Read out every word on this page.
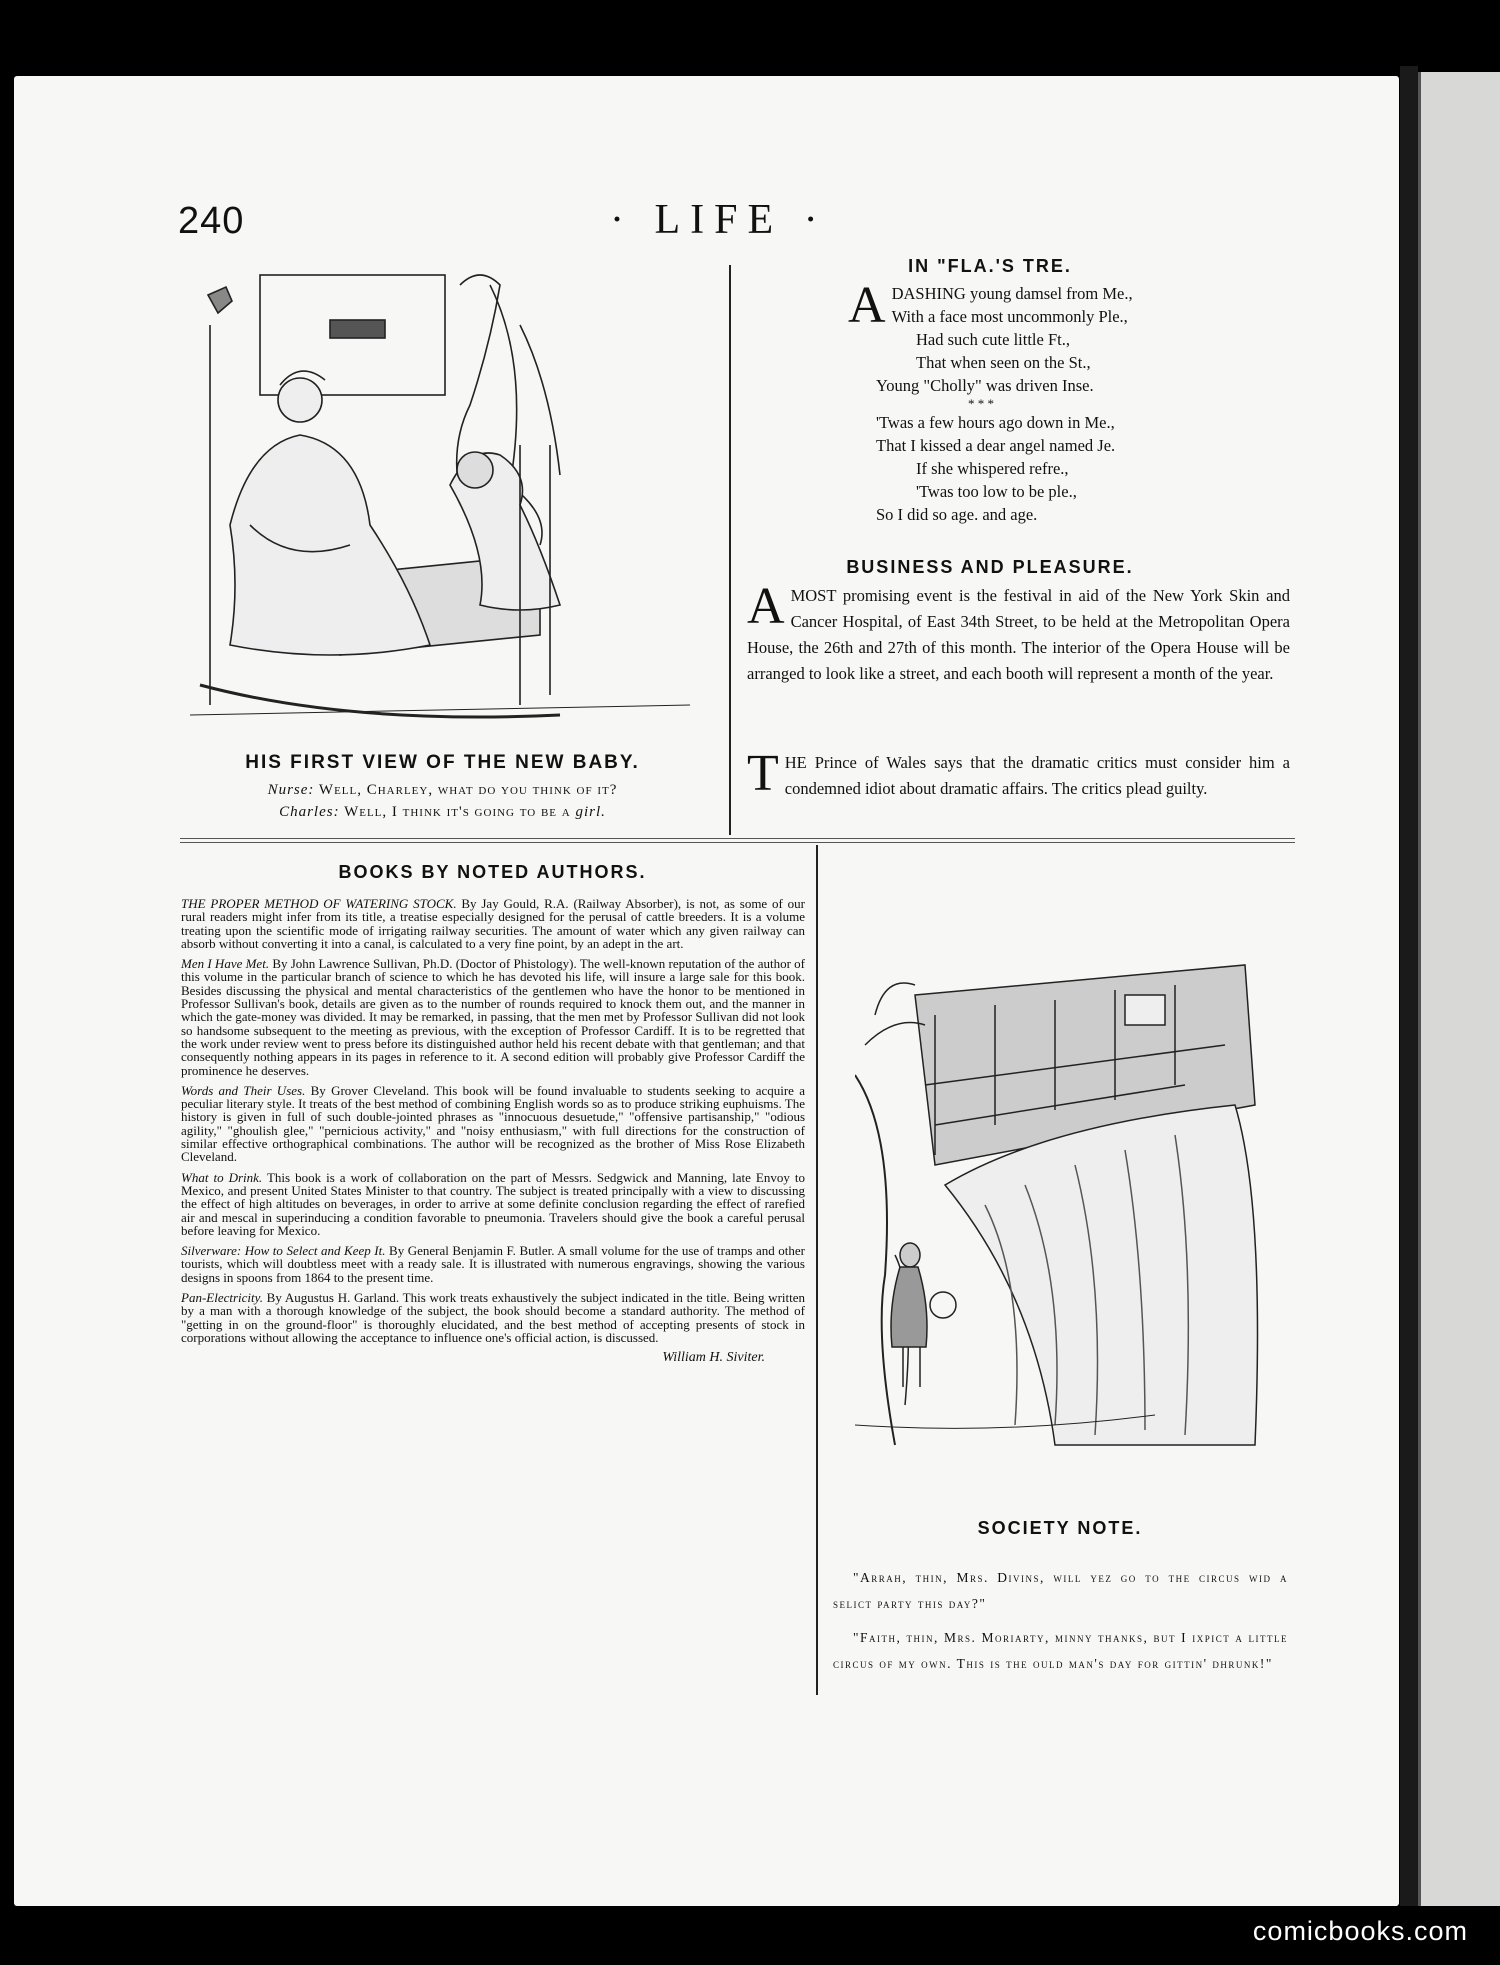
240	· LIFE ·
HIS FIRST VIEW OF THE NEW BABY.
Nurse: Well, Charley, what do you think of it?
Charles: Well, I think it's going to be a girl.
IN "FLA.'S TRE.
A DASHING young damsel from Me.,

With a face most uncommonly Ple.,

Had such cute little Ft.,

That when seen on the St.,

Young "Cholly" was driven Inse.

* * *

'Twas a few hours ago down in Me.,

That I kissed a dear angel named Je.

If she whispered refre.,

'Twas too low to be ple.,

So I did so age. and age.

BUSINESS AND PLEASURE.
AMOST promising event is the festival in aid of the New York Skin and Cancer Hospital, of East 34th Street, to be held at the Metropolitan Opera House, the 26th and 27th of this month. The interior of the Opera House will be arranged to look like a street, and each booth will represent a month of the year.
THE Prince of Wales says that the dramatic critics must consider him a condemned idiot about dramatic affairs. The critics plead guilty.
BOOKS BY NOTED AUTHORS.

THE PROPER METHOD OF WATERING STOCK. By Jay Gould, R.A. (Railway Absorber), is not, as some of our rural readers might infer from its title, a treatise especially designed for the perusal of cattle breeders. It is a volume treating upon the scientific mode of irrigating railway securities. The amount of water which any given railway can absorb without converting it into a canal, is calculated to a very fine point, by an adept in the art.

Men I Have Met. By John Lawrence Sullivan, Ph.D. (Doctor of Phistology). The well-known reputation of the author of this volume in the particular branch of science to which he has devoted his life, will insure a large sale for this book. Besides discussing the physical and mental characteristics of the gentlemen who have the honor to be mentioned in Professor Sullivan's book, details are given as to the number of rounds required to knock them out, and the manner in which the gate-money was divided. It may be remarked, in passing, that the men met by Professor Sullivan did not look so handsome subsequent to the meeting as previous, with the exception of Professor Cardiff. It is to be regretted that the work under review went to press before its distinguished author held his recent debate with that gentleman; and that consequently nothing appears in its pages in reference to it. A second edition will probably give Professor Cardiff the prominence he deserves.

Words and Their Uses. By Grover Cleveland. This book will be found invaluable to students seeking to acquire a peculiar literary style. It treats of the best method of combining English words so as to produce striking euphuisms. The history is given in full of such double-jointed phrases as "innocuous desuetude," "offensive partisanship," "odious agility," "ghoulish glee," "pernicious activity," and "noisy enthusiasm," with full directions for the construction of similar effective orthographical combinations. The author will be recognized as the brother of Miss Rose Elizabeth Cleveland.

What to Drink. This book is a work of collaboration on the part of Messrs. Sedgwick and Manning, late Envoy to Mexico, and present United States Minister to that country. The subject is treated principally with a view to discussing the effect of high altitudes on beverages, in order to arrive at some definite conclusion regarding the effect of rarefied air and mescal in superinducing a condition favorable to pneumonia. Travelers should give the book a careful perusal before leaving for Mexico.

Silverware: How to Select and Keep It. By General Benjamin F. Butler. A small volume for the use of tramps and other tourists, which will doubtless meet with a ready sale. It is illustrated with numerous engravings, showing the various designs in spoons from 1864 to the present time.

Pan-Electricity. By Augustus H. Garland. This work treats exhaustively the subject indicated in the title. Being written by a man with a thorough knowledge of the subject, the book should become a standard authority. The method of "getting in on the ground-floor" is thoroughly elucidated, and the best method of accepting presents of stock in corporations without allowing the acceptance to influence one's official action, is discussed.

William H. Siviter.

SOCIETY NOTE.

"Arrah, thin, Mrs. Divins, will yez go to the circus wid a selict party this day?"

"Faith, thin, Mrs. Moriarty, minny thanks, but I ixpict a little circus of my own. This is the ould man's day for gittin' dhrunk!"

comicbooks.com
